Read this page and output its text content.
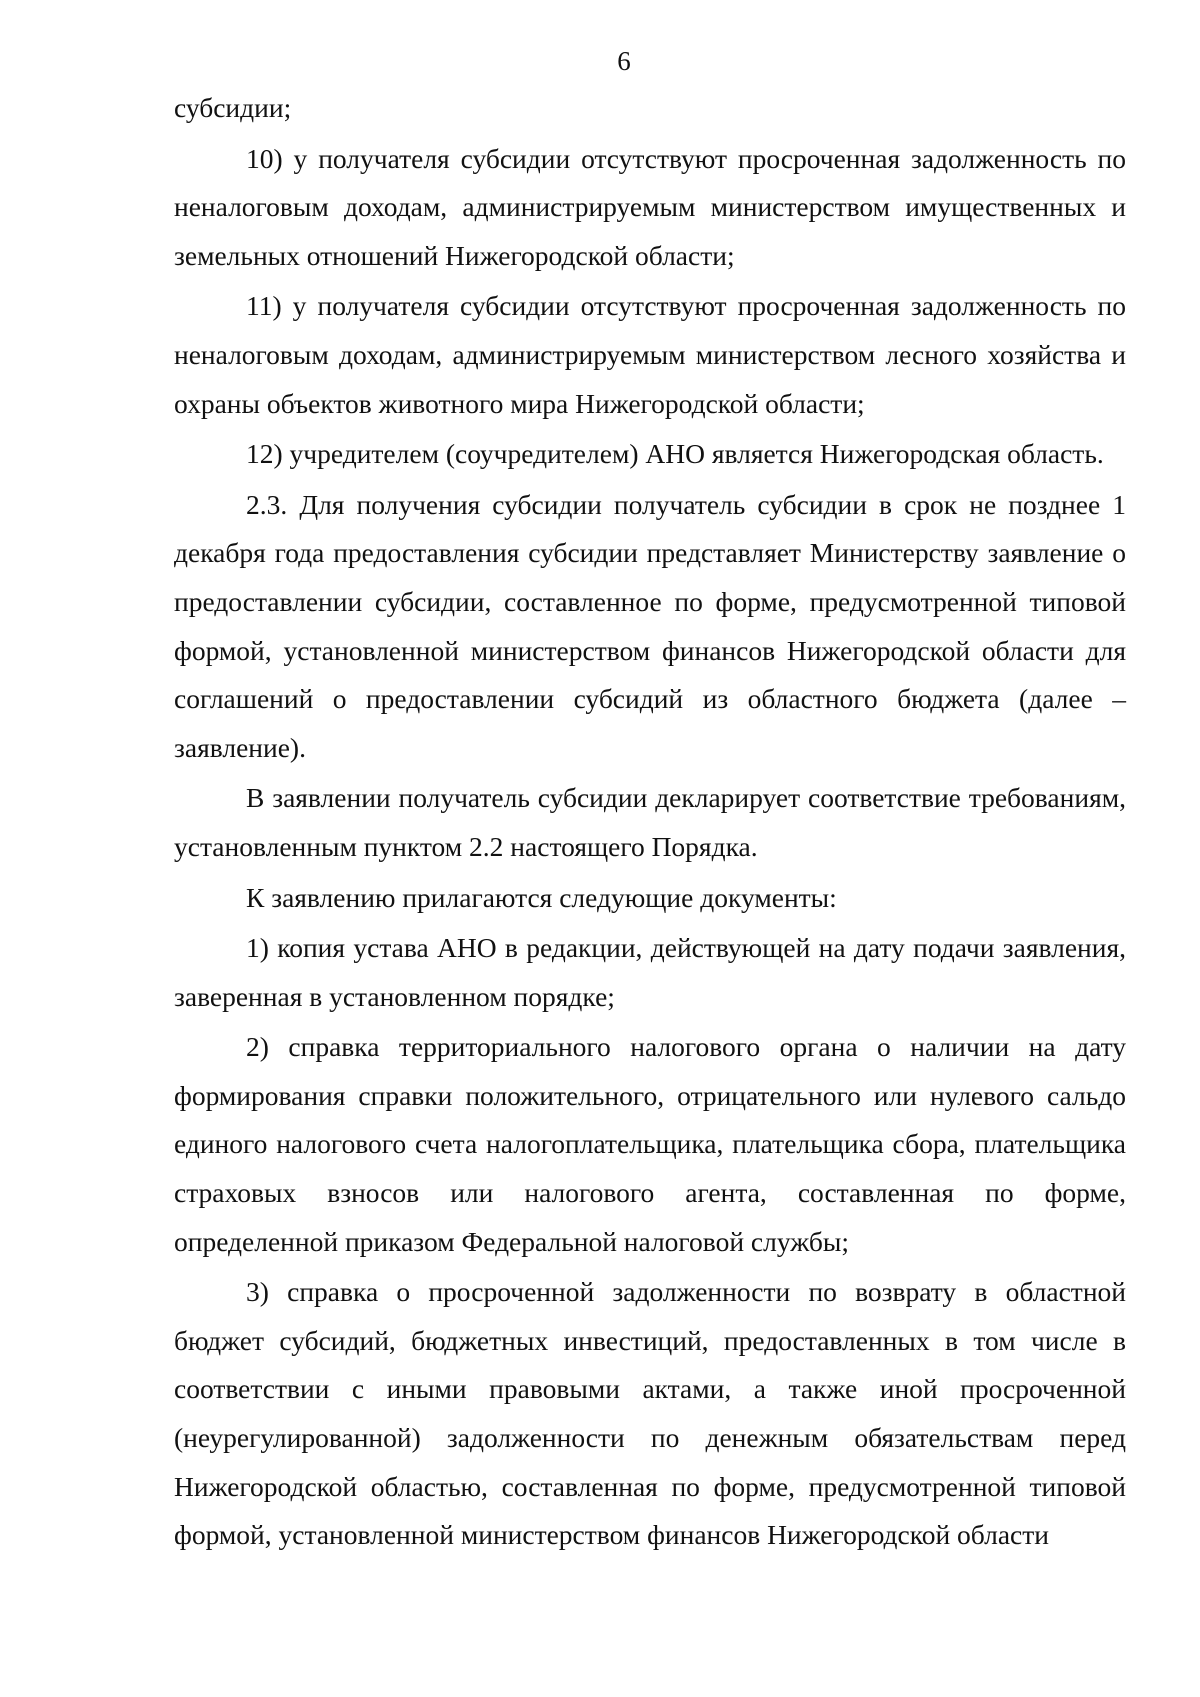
6

субсидии;

10) у получателя субсидии отсутствуют просроченная задолженность по неналоговым доходам, администрируемым министерством имущественных и земельных отношений Нижегородской области;

11) у получателя субсидии отсутствуют просроченная задолженность по неналоговым доходам, администрируемым министерством лесного хозяйства и охраны объектов животного мира Нижегородской области;

12) учредителем (соучредителем) АНО является Нижегородская область.

2.3. Для получения субсидии получатель субсидии в срок не позднее 1 декабря года предоставления субсидии представляет Министерству заявление о предоставлении субсидии, составленное по форме, предусмотренной типовой формой, установленной министерством финансов Нижегородской области для соглашений о предоставлении субсидий из областного бюджета (далее – заявление).

В заявлении получатель субсидии декларирует соответствие требованиям, установленным пунктом 2.2 настоящего Порядка.

К заявлению прилагаются следующие документы:

1) копия устава АНО в редакции, действующей на дату подачи заявления, заверенная в установленном порядке;

2) справка территориального налогового органа о наличии на дату формирования справки положительного, отрицательного или нулевого сальдо единого налогового счета налогоплательщика, плательщика сбора, плательщика страховых взносов или налогового агента, составленная по форме, определенной приказом Федеральной налоговой службы;

3) справка о просроченной задолженности по возврату в областной бюджет субсидий, бюджетных инвестиций, предоставленных в том числе в соответствии с иными правовыми актами, а также иной просроченной (неурегулированной) задолженности по денежным обязательствам перед Нижегородской областью, составленная по форме, предусмотренной типовой формой, установленной министерством финансов Нижегородской области
